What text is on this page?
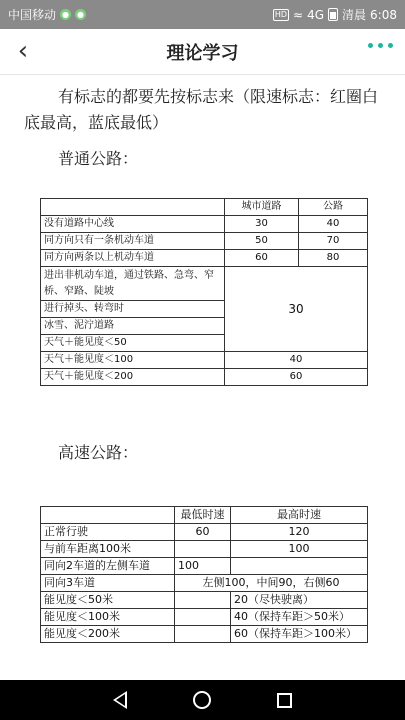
中国移动 ● ●	HD ≈ 4G 清晨 6:08
‹	理论学习
有标志的都要先按标志来（限速标志：红圈白底最高，蓝底最低）
普通公路：
	城市道路	公路
没有道路中心线	30	40
同方向只有一条机动车道	50	70
同方向两条以上机动车道	60	80
进出非机动车道，通过铁路、急弯、窄桥、窄路、陡坡	30	
进行掉头、转弯时		
冰雪、泥泞道路		
天气＋能见度＜50		
天气＋能见度＜100	40	
天气＋能见度＜200	60	
高速公路：
	最低时速	最高时速
正常行驶	60	120
与前车距离100米		100
同向2车道的左侧车道	100	
同向3车道	左侧100，中间90，右侧60	
能见度＜50米		20（尽快驶离）
能见度＜100米		40（保持车距＞50米）
能见度＜200米		60（保持车距＞100米）
